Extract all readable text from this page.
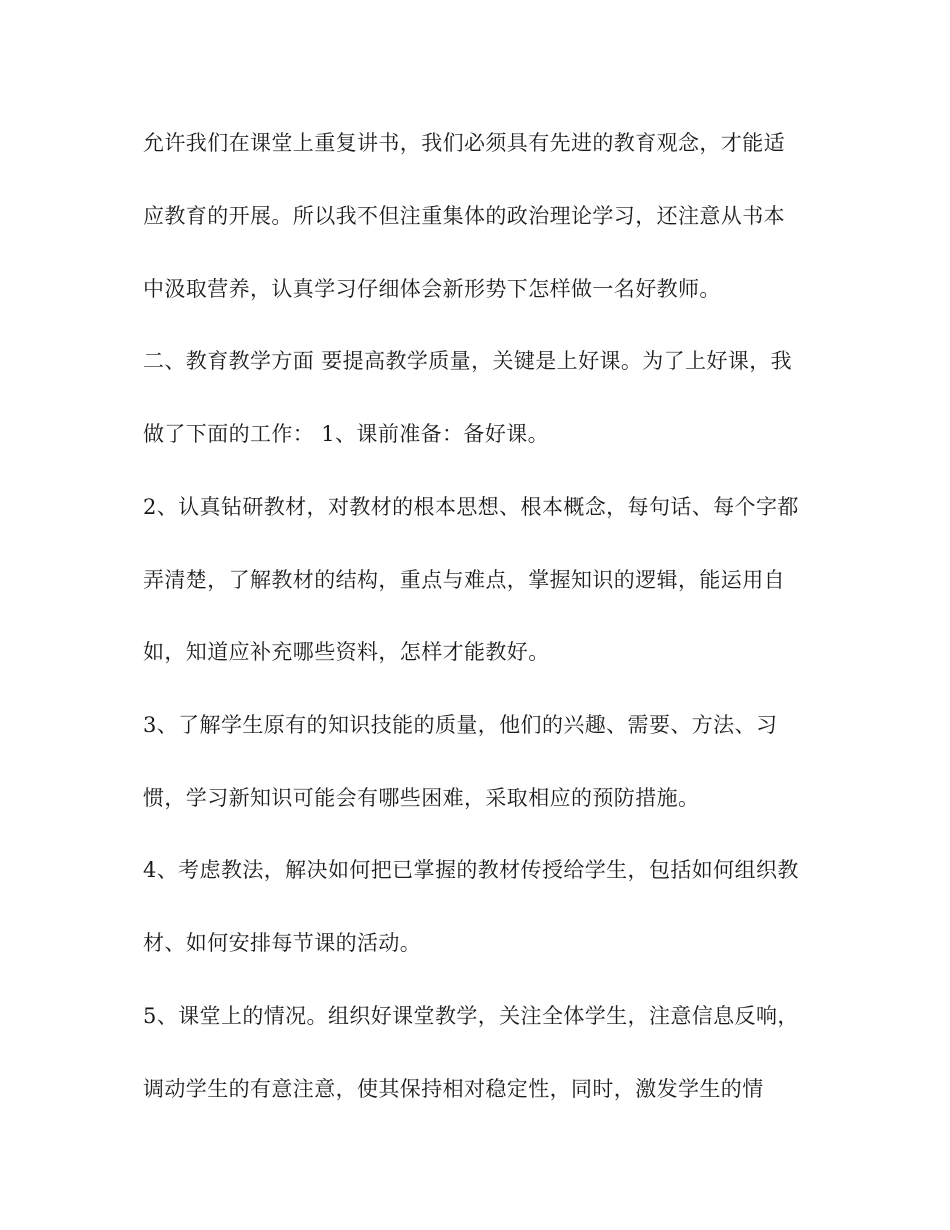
允许我们在课堂上重复讲书，我们必须具有先进的教育观念，才能适

应教育的开展。所以我不但注重集体的政治理论学习，还注意从书本

中汲取营养，认真学习仔细体会新形势下怎样做一名好教师。

二、教育教学方面 要提高教学质量，关键是上好课。为了上好课，我

做了下面的工作： 1、课前准备：备好课。

2、认真钻研教材，对教材的根本思想、根本概念，每句话、每个字都

弄清楚，了解教材的结构，重点与难点，掌握知识的逻辑，能运用自

如，知道应补充哪些资料，怎样才能教好。

3、了解学生原有的知识技能的质量，他们的兴趣、需要、方法、习

惯，学习新知识可能会有哪些困难，采取相应的预防措施。

4、考虑教法，解决如何把已掌握的教材传授给学生，包括如何组织教

材、如何安排每节课的活动。

5、课堂上的情况。组织好课堂教学，关注全体学生，注意信息反响，

调动学生的有意注意，使其保持相对稳定性，同时，激发学生的情
